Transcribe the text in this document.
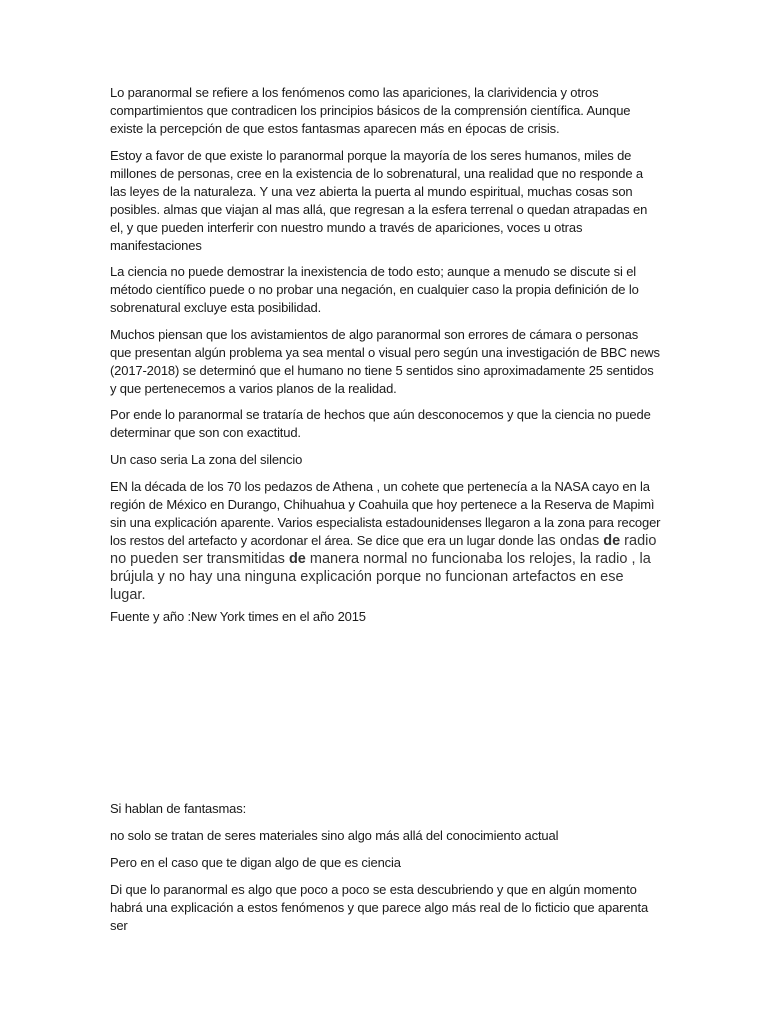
Lo paranormal se refiere a los fenómenos como las apariciones, la clarividencia y otros compartimientos que contradicen los principios básicos de la comprensión científica. Aunque existe la percepción de que estos fantasmas aparecen más en épocas de crisis.

Estoy a favor de que existe lo paranormal porque la mayoría de los seres humanos, miles de millones de personas, cree en la existencia de lo sobrenatural, una realidad que no responde a las leyes de la naturaleza. Y una vez abierta la puerta al mundo espiritual, muchas cosas son posibles. almas que viajan al mas allá, que regresan a la esfera terrenal o quedan atrapadas en el, y que pueden interferir con nuestro mundo a través de apariciones, voces u otras manifestaciones

La ciencia no puede demostrar la inexistencia de todo esto; aunque a menudo se discute si el método científico puede o no probar una negación, en cualquier caso la propia definición de lo sobrenatural excluye esta posibilidad.

Muchos piensan que los avistamientos de algo paranormal son errores de cámara o personas que presentan algún problema ya sea mental o visual pero según una investigación de BBC news (2017-2018) se determinó que el humano no tiene 5 sentidos sino aproximadamente 25 sentidos y que pertenecemos a varios planos de la realidad.

Por ende lo paranormal se trataría de hechos que aún desconocemos y que la ciencia no puede determinar que son con exactitud.

Un caso seria La zona del silencio

EN la década de los 70 los pedazos de Athena , un cohete que pertenecía a la NASA cayo en la región de México en Durango, Chihuahua y Coahuila que hoy pertenece a la Reserva de Mapimì sin una explicación aparente. Varios especialista estadounidenses llegaron a la zona para recoger los restos del artefacto y acordonar el área. Se dice que era un lugar donde las ondas de radio no pueden ser transmitidas de manera normal no funcionaba los relojes, la radio , la brújula y no hay una ninguna explicación porque no funcionan artefactos en ese lugar.

Fuente y año :New York times en el año 2015

Si hablan de fantasmas:

no solo se tratan de seres materiales sino algo más allá del conocimiento actual

Pero en el caso que te digan algo de que es ciencia

Di que lo paranormal es algo que poco a poco se esta descubriendo y que en algún momento habrá una explicación a estos fenómenos y que parece algo más real de lo ficticio que aparenta ser
